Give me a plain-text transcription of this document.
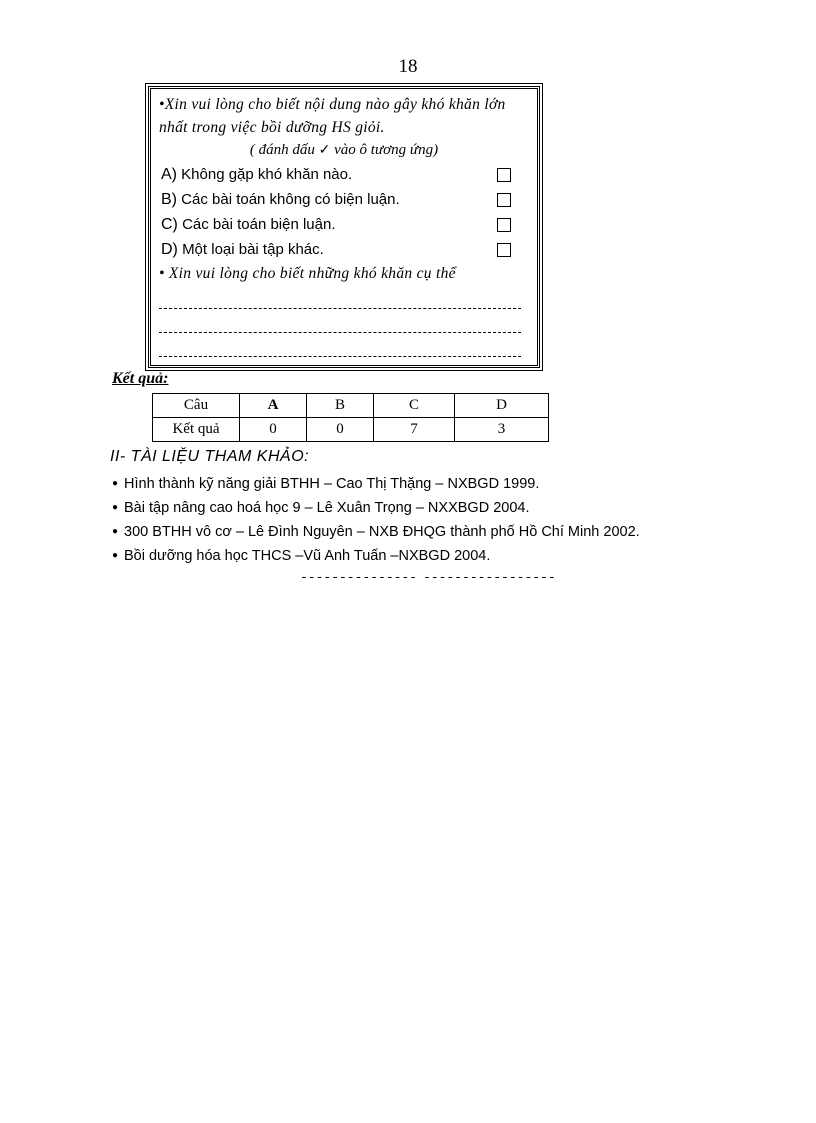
18
•Xin vui lòng cho biết nội dung nào gây khó khăn lớn nhất trong việc bồi dưỡng HS giỏi.
( đánh dấu ✓ vào ô tương ứng)
A) Không gặp khó khăn nào.
B) Các bài toán không có biện luận.
C) Các bài toán biện luận.
D) Một loại bài tập khác.
• Xin vui lòng cho biết những khó khăn cụ thể
Kết quả:
Câu	A	B	C	D
Kết quả	0	0	7	3
II- TÀI LIỆU THAM KHẢO:
● Hình thành kỹ năng giải BTHH – Cao Thị Thặng – NXBGD 1999.
● Bài tập nâng cao hoá học 9 – Lê Xuân Trọng – NXXBGD 2004.
● 300 BTHH vô cơ – Lê Đình Nguyên – NXB ĐHQG thành phố Hồ Chí Minh 2002.
● Bồi dưỡng hóa học THCS –Vũ Anh Tuấn –NXBGD 2004.
--------------- -----------------
